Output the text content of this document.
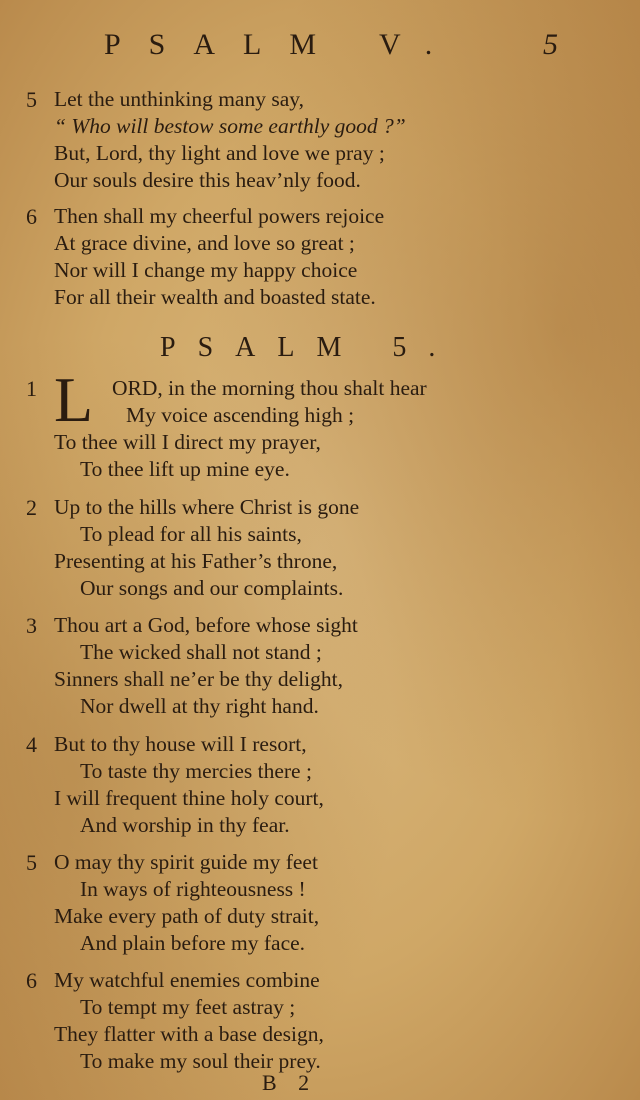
PSALM V.	5
5 Let the unthinking many say,
“ Who will bestow some earthly good ?”
But, Lord, thy light and love we pray ;
Our souls desire this heav’nly food.
6 Then shall my cheerful powers rejoice
At grace divine, and love so great ;
Nor will I change my happy choice
For all their wealth and boasted state.
PSALM 5.
L
1	ORD, in the morning thou shalt hear
My voice ascending high ;
To thee will I direct my prayer,
To thee lift up mine eye.
2 Up to the hills where Christ is gone
To plead for all his saints,
Presenting at his Father’s throne,
Our songs and our complaints.
3 Thou art a God, before whose sight
The wicked shall not stand ;
Sinners shall ne’er be thy delight,
Nor dwell at thy right hand.
4 But to thy house will I resort,
To taste thy mercies there ;
I will frequent thine holy court,
And worship in thy fear.
5 O may thy spirit guide my feet
In ways of righteousness !
Make every path of duty strait,
And plain before my face.
6 My watchful enemies combine
To tempt my feet astray ;
They flatter with a base design,
To make my soul their prey.
B 2
